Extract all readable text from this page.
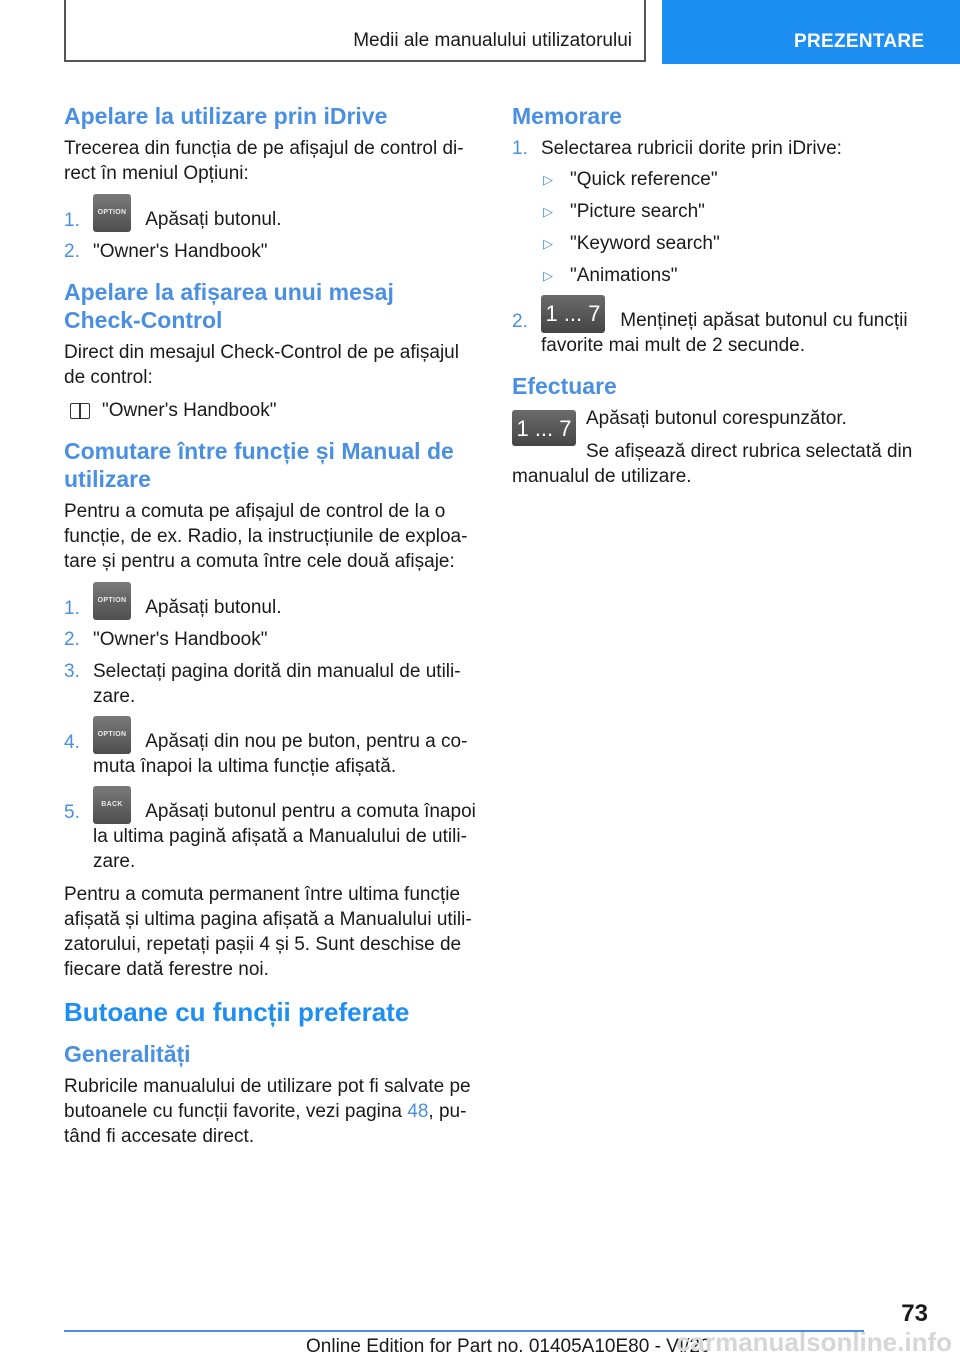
Medii ale manualului utilizatorului	PREZENTARE
Apelare la utilizare prin iDrive

Trecerea din funcția de pe afișajul de control direct în meniul Opțiuni:

1.	OPTION Apăsați butonul.
2. "Owner's Handbook"
Apelare la afișarea unui mesaj Check-Control

Direct din mesajul Check-Control de pe afișajul de control:

"Owner's Handbook"

Comutare între funcție și Manual de utilizare

Pentru a comuta pe afișajul de control de la o funcție, de ex. Radio, la instrucțiunile de exploatare și pentru a comuta între cele două afișaje:

1.	OPTION Apăsați butonul.
2. "Owner's Handbook"
3. Selectați pagina dorită din manualul de utilizare.
4.	OPTION Apăsați din nou pe buton, pentru a comuta înapoi la ultima funcție afișată.
5.	BACK Apăsați butonul pentru a comuta înapoi la ultima pagină afișată a Manualului de utilizare.

Pentru a comuta permanent între ultima funcție afișată și ultima pagina afișată a Manualului utilizatorului, repetați pașii 4 și 5. Sunt deschise de fiecare dată ferestre noi.

Butoane cu funcții preferate
Generalități

Rubricile manualului de utilizare pot fi salvate pe butoanele cu funcții favorite, vezi pagina 48, putând fi accesate direct.

Memorare
1. Selectarea rubricii dorite prin iDrive:
▷ "Quick reference"
▷ "Picture search"
▷ "Keyword search"
▷ "Animations"
2. 1 ... 7 Mențineți apăsat butonul cu funcții favorite mai mult de 2 secunde.
Efectuare
1 ... 7 Apăsați butonul corespunzător.

Se afișează direct rubrica selectată din manualul de utilizare.

73
Online Edition for Part no. 01405A10E80 - VI/20
carmanualsonline.info
